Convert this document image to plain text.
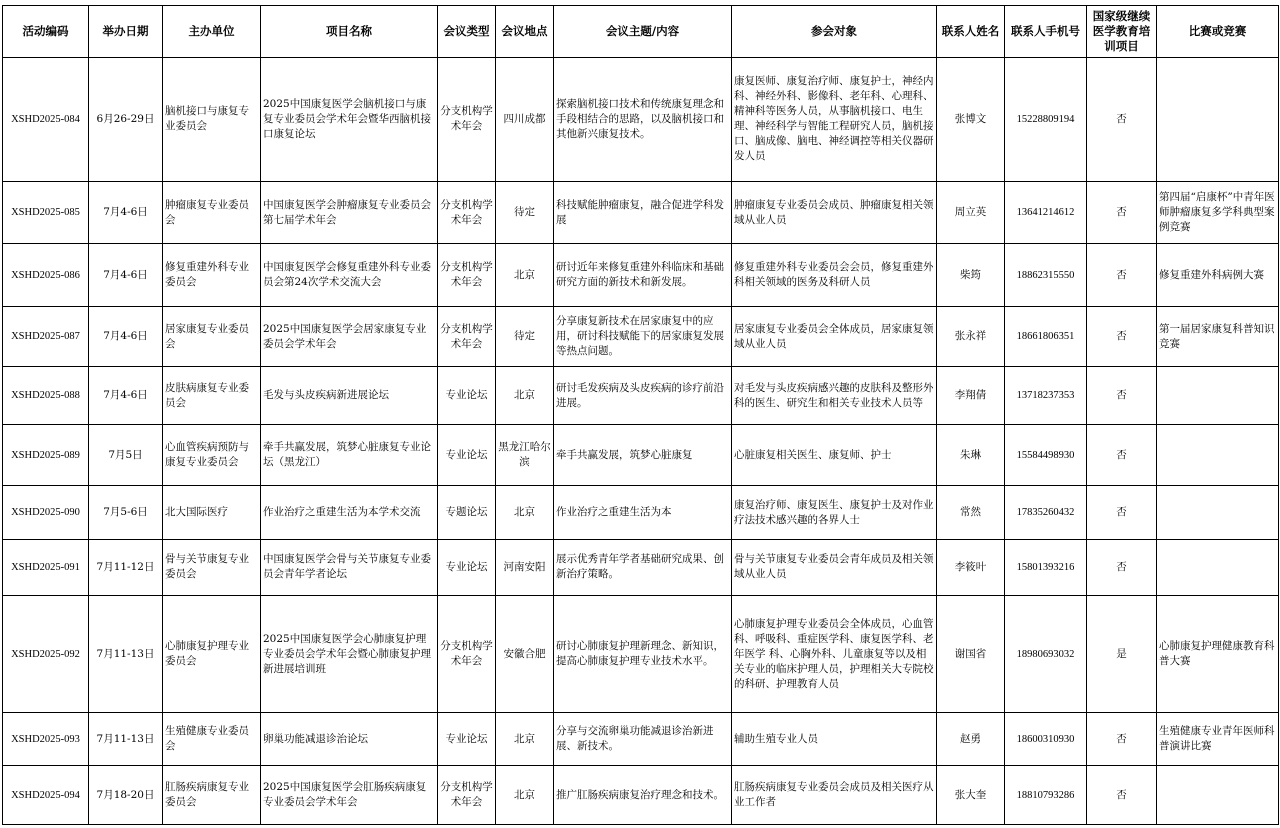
活动编码	举办日期	主办单位	项目名称	会议类型	会议地点	会议主题/内容	参会对象	联系人姓名	联系人手机号	国家级继续医学教育培训项目	比赛或竞赛
XSHD2025-084	6月26-29日	脑机接口与康复专业委员会	2025中国康复医学会脑机接口与康复专业委员会学术年会暨华西脑机接口康复论坛	分支机构学术年会	四川成都	探索脑机接口技术和传统康复理念和手段相结合的思路，以及脑机接口和其他新兴康复技术。	康复医师、康复治疗师、康复护士，神经内科、神经外科、影像科、老年科、心理科、精神科等医务人员，从事脑机接口、电生理、神经科学与智能工程研究人员，脑机接口、脑成像、脑电、神经调控等相关仪器研发人员	张博文	15228809194	否	
XSHD2025-085	7月4-6日	肿瘤康复专业委员会	中国康复医学会肿瘤康复专业委员会第七届学术年会	分支机构学术年会	待定	科技赋能肿瘤康复，融合促进学科发展	肿瘤康复专业委员会成员、肿瘤康复相关领域从业人员	周立英	13641214612	否	第四届“启康杯”中青年医师肿瘤康复多学科典型案例竞赛
XSHD2025-086	7月4-6日	修复重建外科专业委员会	中国康复医学会修复重建外科专业委员会第24次学术交流大会	分支机构学术年会	北京	研讨近年来修复重建外科临床和基础研究方面的新技术和新发展。	修复重建外科专业委员会会员，修复重建外科相关领域的医务及科研人员	柴筠	18862315550	否	修复重建外科病例大赛
XSHD2025-087	7月4-6日	居家康复专业委员会	2025中国康复医学会居家康复专业委员会学术年会	分支机构学术年会	待定	分享康复新技术在居家康复中的应用，研讨科技赋能下的居家康复发展等热点问题。	居家康复专业委员会全体成员，居家康复领域从业人员	张永祥	18661806351	否	第一届居家康复科普知识竞赛
XSHD2025-088	7月4-6日	皮肤病康复专业委员会	毛发与头皮疾病新进展论坛	专业论坛	北京	研讨毛发疾病及头皮疾病的诊疗前沿进展。	对毛发与头皮疾病感兴趣的皮肤科及整形外科的医生、研究生和相关专业技术人员等	李翔倩	13718237353	否	
XSHD2025-089	7月5日	心血管疾病预防与康复专业委员会	牵手共赢发展，筑梦心脏康复专业论坛（黑龙江）	专业论坛	黑龙江哈尔滨	牵手共赢发展，筑梦心脏康复	心脏康复相关医生、康复师、护士	朱琳	15584498930	否	
XSHD2025-090	7月5-6日	北大国际医疗	作业治疗之重建生活为本学术交流	专题论坛	北京	作业治疗之重建生活为本	康复治疗师、康复医生、康复护士及对作业疗法技术感兴趣的各界人士	常然	17835260432	否	
XSHD2025-091	7月11-12日	骨与关节康复专业委员会	中国康复医学会骨与关节康复专业委员会青年学者论坛	专业论坛	河南安阳	展示优秀青年学者基础研究成果、创新治疗策略。	骨与关节康复专业委员会青年成员及相关领域从业人员	李筱叶	15801393216	否	
XSHD2025-092	7月11-13日	心肺康复护理专业委员会	2025中国康复医学会心肺康复护理专业委员会学术年会暨心肺康复护理新进展培训班	分支机构学术年会	安徽合肥	研讨心肺康复护理新理念、新知识，提高心肺康复护理专业技术水平。	心肺康复护理专业委员会全体成员，心血管科、呼吸科、重症医学科、康复医学科、老年医学 科、心胸外科、儿童康复等以及相关专业的临床护理人员，护理相关大专院校的科研、护理教育人员	谢国省	18980693032	是	心肺康复护理健康教育科普大赛
XSHD2025-093	7月11-13日	生殖健康专业委员会	卵巢功能减退诊治论坛	专业论坛	北京	分享与交流卵巢功能减退诊治新进展、新技术。	辅助生殖专业人员	赵勇	18600310930	否	生殖健康专业青年医师科普演讲比赛
XSHD2025-094	7月18-20日	肛肠疾病康复专业委员会	2025中国康复医学会肛肠疾病康复专业委员会学术年会	分支机构学术年会	北京	推广肛肠疾病康复治疗理念和技术。	肛肠疾病康复专业委员会成员及相关医疗从业工作者	张大奎	18810793286	否	
